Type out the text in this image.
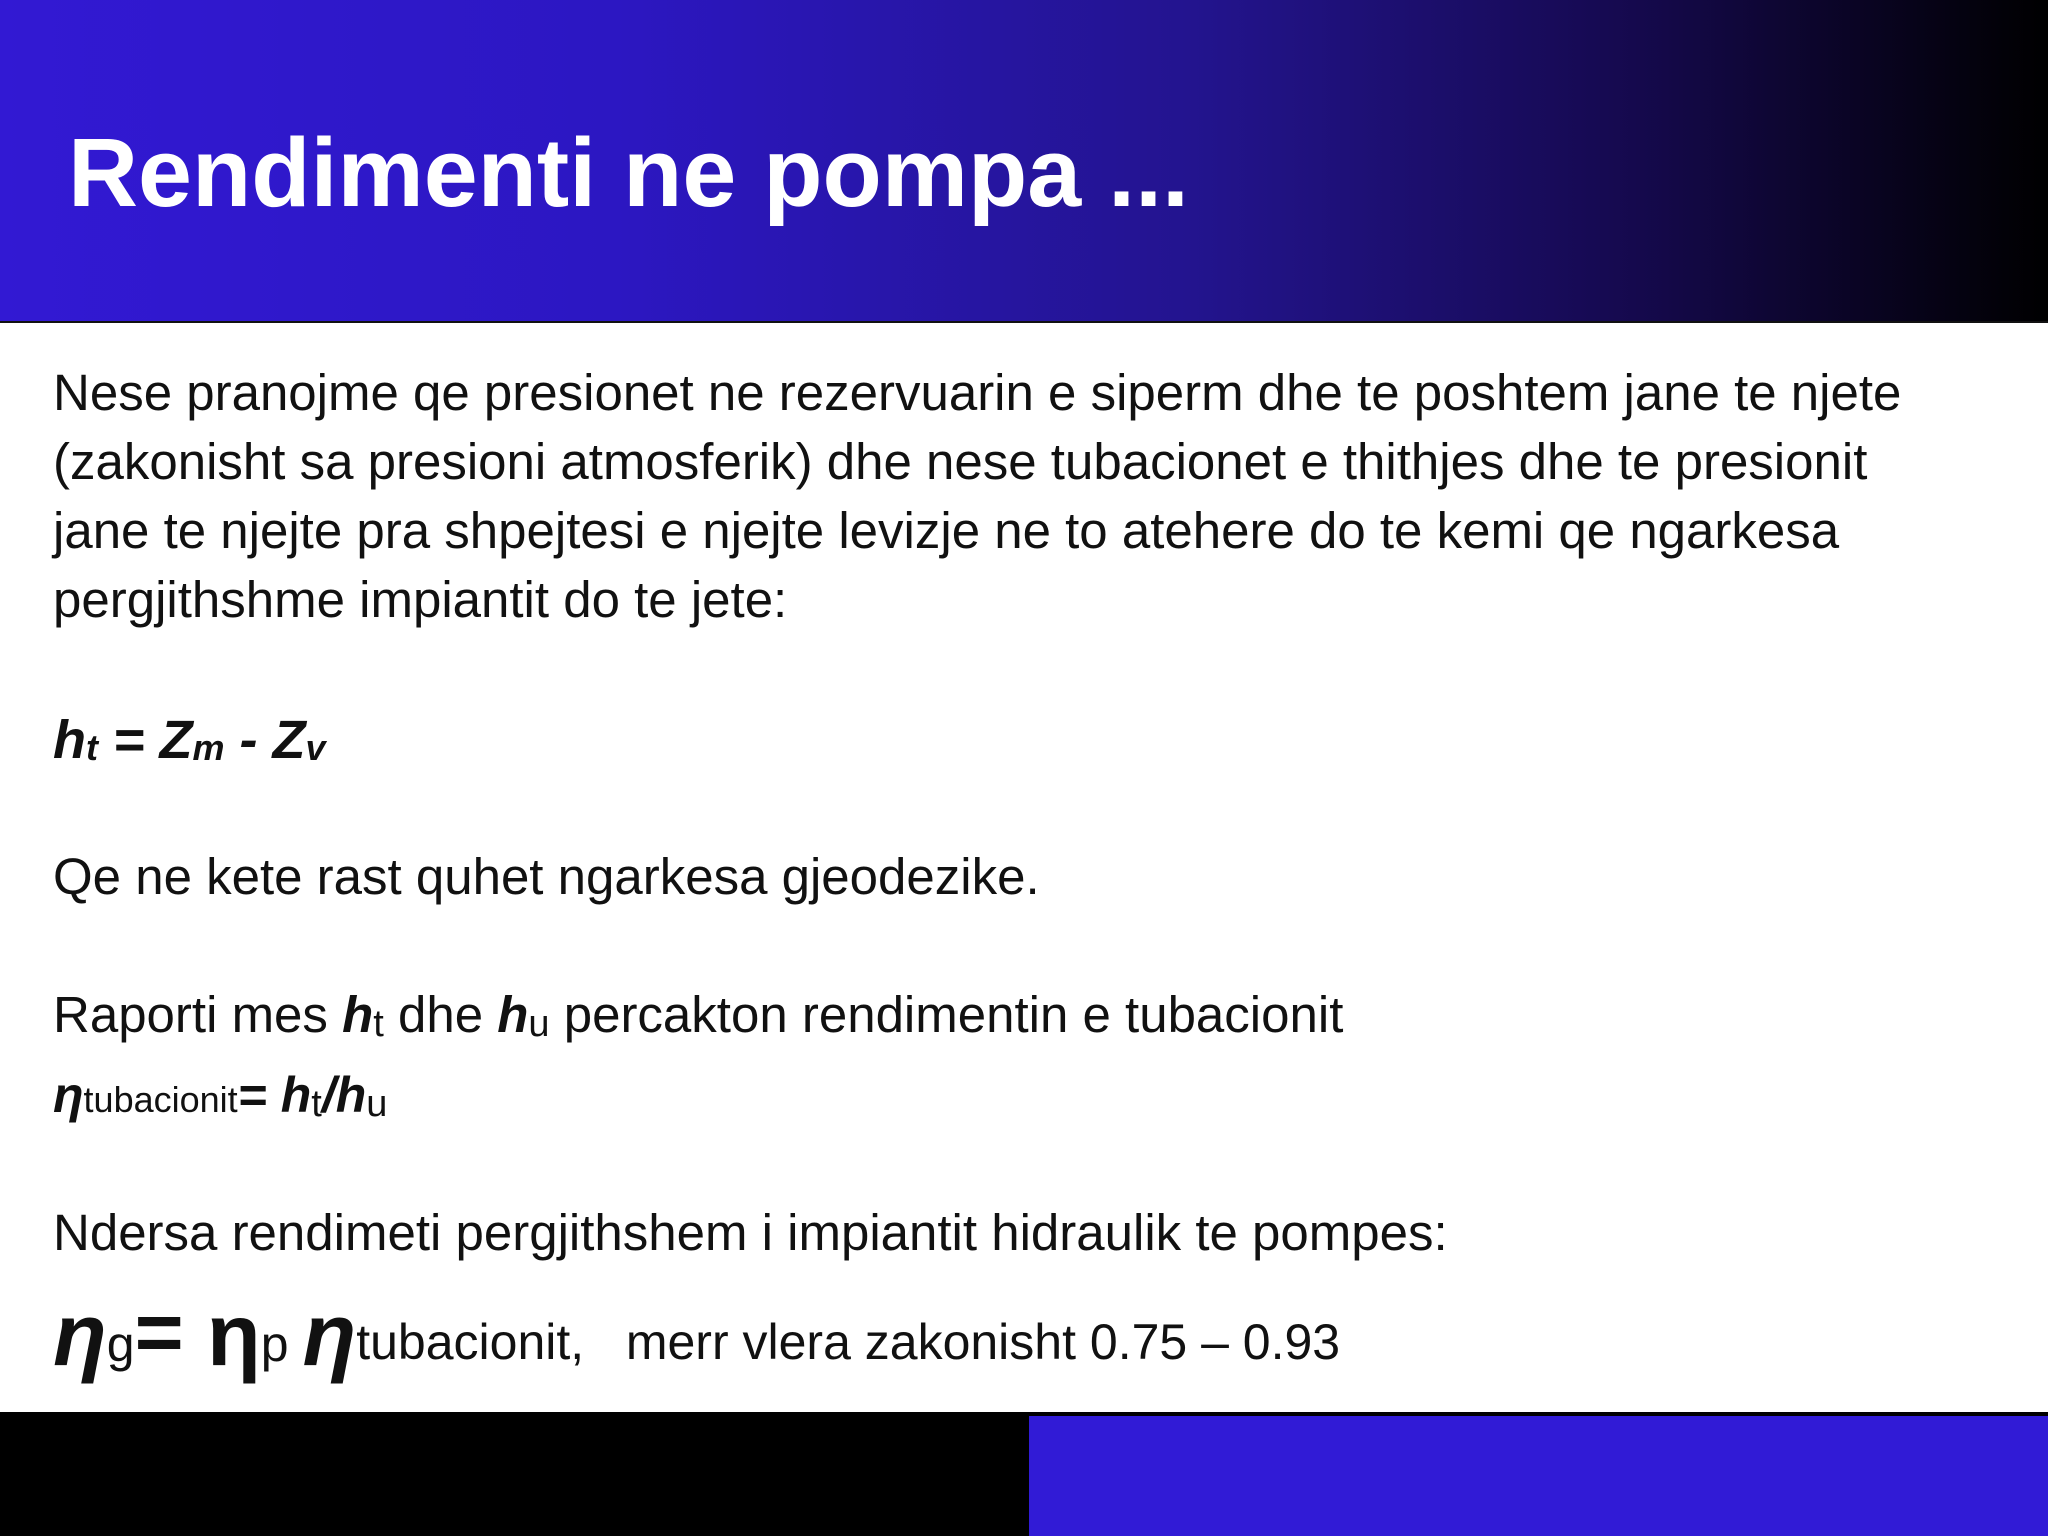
Rendimenti ne pompa ...

Nese pranojme qe presionet ne rezervuarin e siperm dhe te poshtem jane te njete (zakonisht sa presioni atmosferik) dhe nese tubacionet e thithjes dhe te presionit jane te njejte pra shpejtesi e njejte levizje ne to atehere do te kemi qe ngarkesa pergjithshme impiantit do te jete:

ht = Zm - Zv
Qe ne kete rast quhet ngarkesa gjeodezike.
Raporti mes ht dhe hu percakton rendimentin e tubacionit
ηtubacionit= ht/hu
Ndersa rendimeti pergjithshem i impiantit hidraulik te pompes:
ηg= ηp ηtubacionit,   merr vlera zakonisht 0.75 – 0.93
